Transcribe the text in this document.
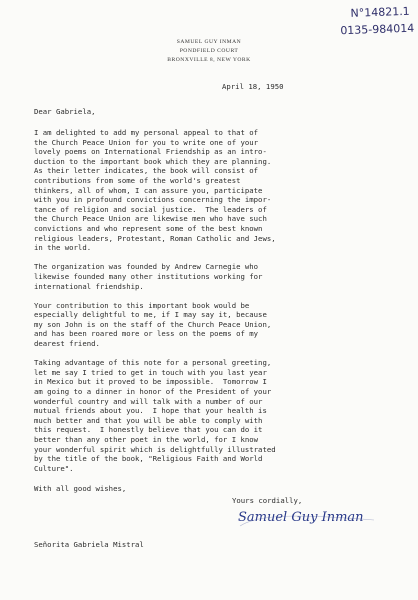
N°14821.1
0135-984014
SAMUEL GUY INMAN
PONDFIELD COURT
BRONXVILLE 8, NEW YORK
April 18, 1950
Dear Gabriela,
I am delighted to add my personal appeal to that of
the Church Peace Union for you to write one of your
lovely poems on International Friendship as an intro-
duction to the important book which they are planning.
As their letter indicates, the book will consist of
contributions from some of the world's greatest
thinkers, all of whom, I can assure you, participate
with you in profound convictions concerning the impor-
tance of religion and social justice.  The leaders of
the Church Peace Union are likewise men who have such
convictions and who represent some of the best known
religious leaders, Protestant, Roman Catholic and Jews,
in the world.
The organization was founded by Andrew Carnegie who
likewise founded many other institutions working for
international friendship.
Your contribution to this important book would be
especially delightful to me, if I may say it, because
my son John is on the staff of the Church Peace Union,
and has been roared more or less on the poems of my
dearest friend.
Taking advantage of this note for a personal greeting,
let me say I tried to get in touch with you last year
in Mexico but it proved to be impossible.  Tomorrow I
am going to a dinner in honor of the President of your
wonderful country and will talk with a number of our
mutual friends about you.  I hope that your health is
much better and that you will be able to comply with
this request.  I honestly believe that you can do it
better than any other poet in the world, for I know
your wonderful spirit which is delightfully illustrated
by the title of the book, "Religious Faith and World
Culture".
With all good wishes,
Yours cordially,
Samuel Guy Inman
Señorita Gabriela Mistral
